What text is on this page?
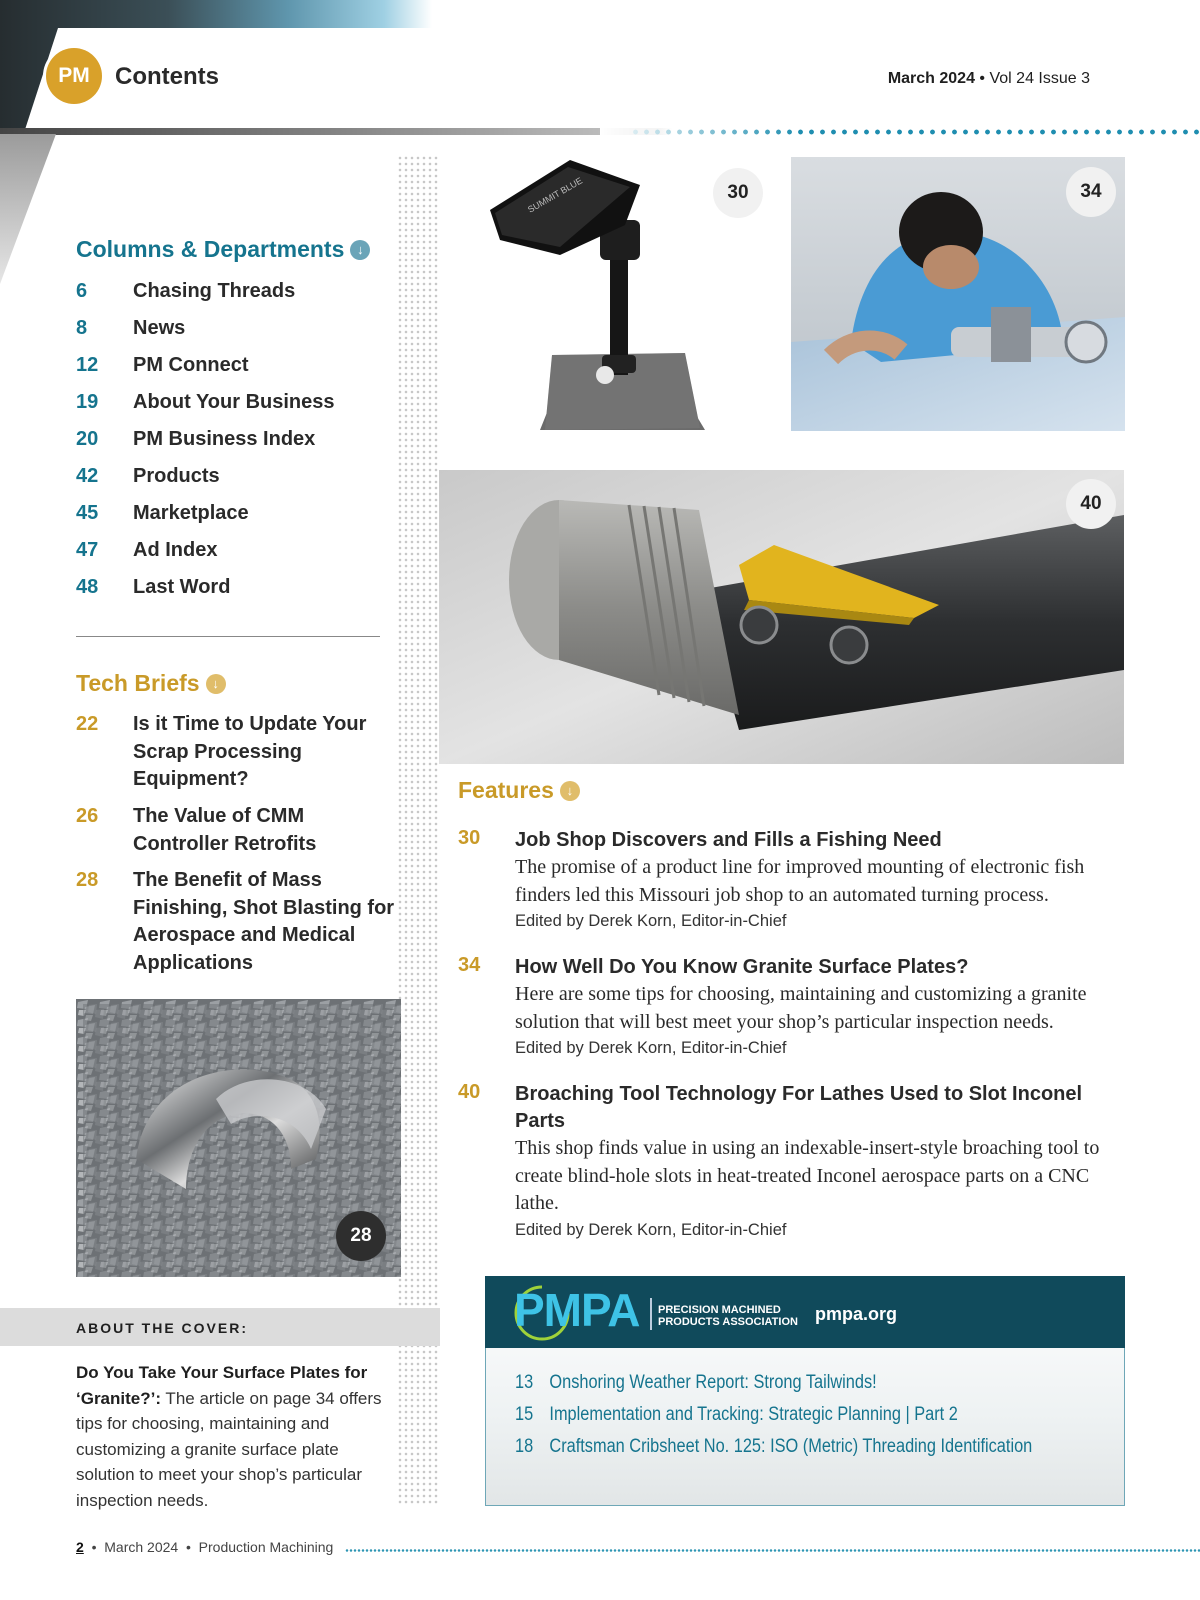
PM	Contents	March 2024 • Vol 24 Issue 3
Columns & Departments ↓
6	Chasing Threads
8	News
12	PM Connect
19	About Your Business
20	PM Business Index
42	Products
45	Marketplace
47	Ad Index
48	Last Word
Tech Briefs ↓
22 Is it Time to Update Your Scrap Processing Equipment?
26 The Value of CMM Controller Retrofits
28 The Benefit of Mass Finishing, Shot Blasting for Aerospace and Medical Applications
28
ABOUT THE COVER:
Do You Take Your Surface Plates for ‘Granite?’: The article on page 34 offers tips for choosing, maintaining and customizing a granite surface plate solution to meet your shop’s particular inspection needs.
SUMMIT BLUE	30	34
40
Features ↓
30 Job Shop Discovers and Fills a Fishing Need
The promise of a product line for improved mounting of electronic fish finders led this Missouri job shop to an automated turning process.
Edited by Derek Korn, Editor-in-Chief
34 How Well Do You Know Granite Surface Plates?
Here are some tips for choosing, maintaining and customizing a granite solution that will best meet your shop’s particular inspection needs.
Edited by Derek Korn, Editor-in-Chief
40 Broaching Tool Technology For Lathes Used to Slot Inconel Parts
This shop finds value in using an indexable-insert-style broaching tool to create blind-hole slots in heat-treated Inconel aerospace parts on a CNC lathe.
Edited by Derek Korn, Editor-in-Chief
PMPA PRECISION MACHINED
PRODUCTS ASSOCIATION pmpa.org
13 Onshoring Weather Report: Strong Tailwinds!
15 Implementation and Tracking: Strategic Planning | Part 2
18 Craftsman Cribsheet No. 125: ISO (Metric) Threading Identification
2  •  March 2024  •  Production Machining
